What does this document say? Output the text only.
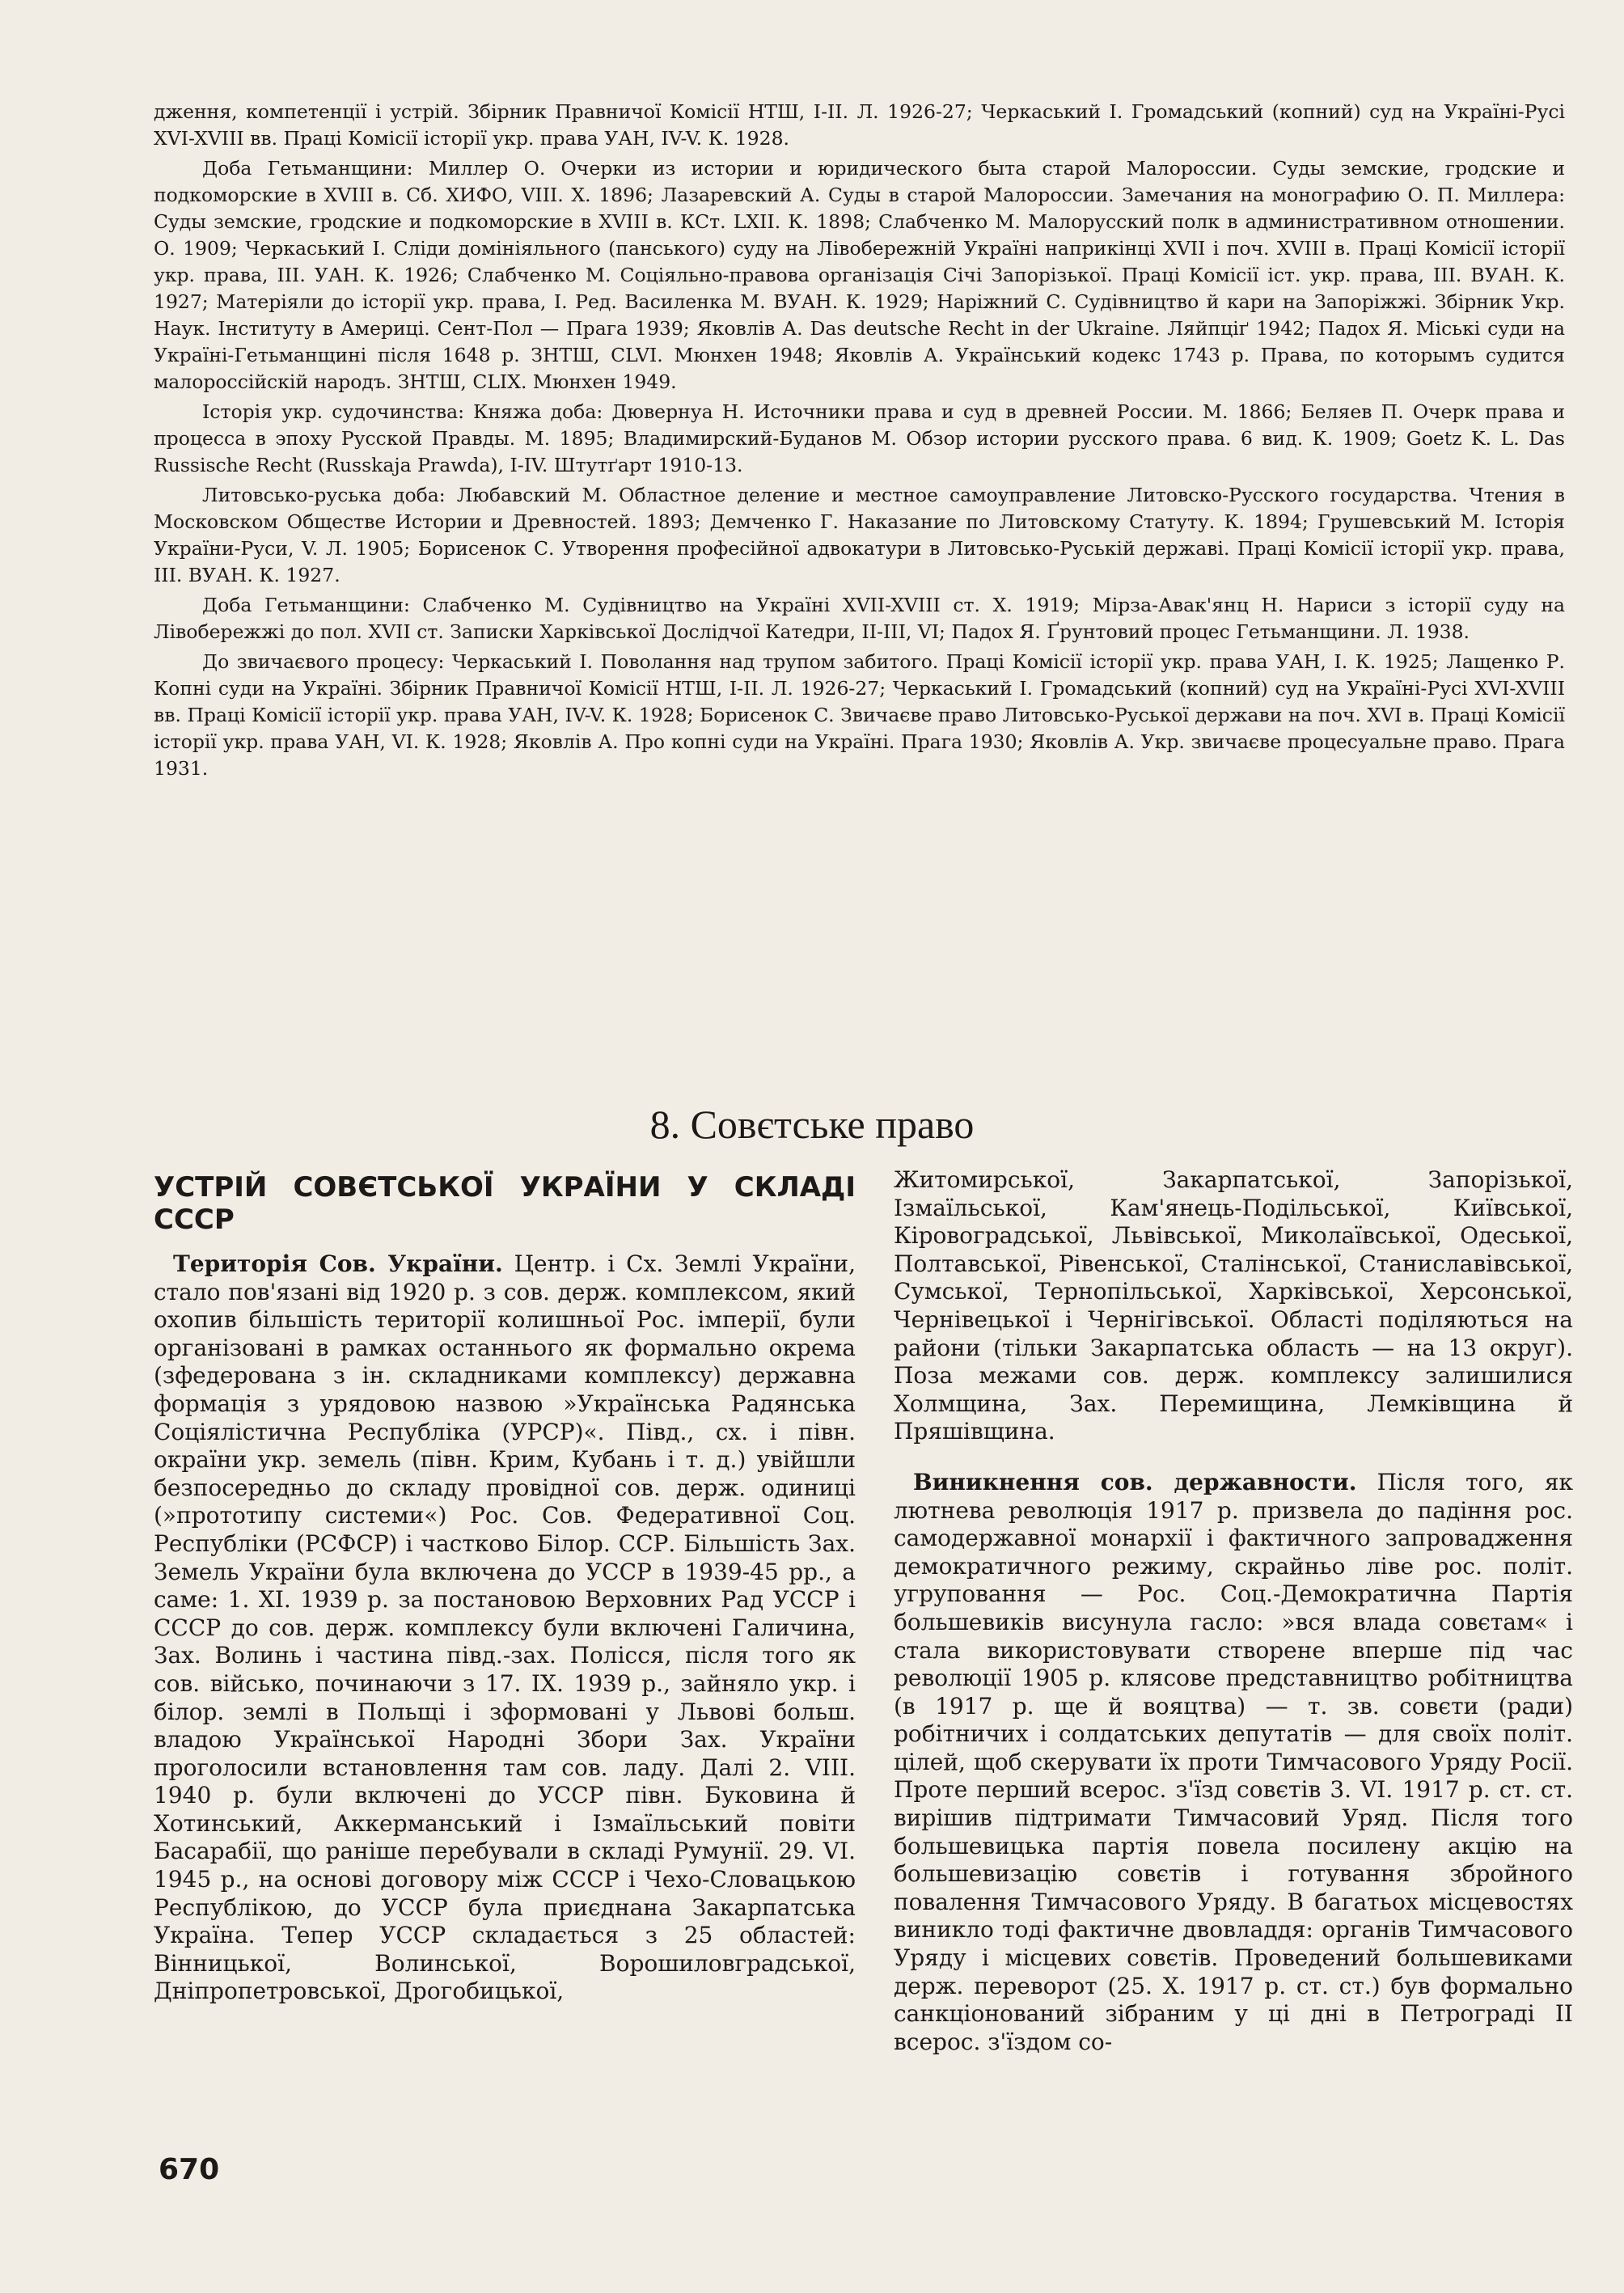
дження, компетенції і устрій. Збірник Правничої Комісії НТШ, I-II. Л. 1926-27; Черкаський І. Громадський (копний) суд на Україні-Русі XVI-XVIII вв. Праці Комісії історії укр. права УАН, IV-V. К. 1928.

Доба Гетьманщини: Миллер О. Очерки из истории и юридического быта старой Малороссии. Суды земские, гродские и подкоморские в XVIII в. Сб. ХИФО, VIII. Х. 1896; Лазаревский А. Суды в старой Малороссии. Замечания на монографию О. П. Миллера: Суды земские, гродские и подкоморские в XVIII в. КСт. LXII. К. 1898; Слабченко М. Малорусский полк в административном отношении. О. 1909; Черкаський І. Сліди домініяльного (панського) суду на Лівобережній Україні наприкінці XVII і поч. XVIII в. Праці Комісії історії укр. права, III. УАН. К. 1926; Слабченко М. Соціяльно-правова організація Січі Запорізької. Праці Комісії іст. укр. права, III. ВУАН. К. 1927; Матеріяли до історії укр. права, I. Ред. Василенка М. ВУАН. К. 1929; Наріжний С. Судівництво й кари на Запоріжжі. Збірник Укр. Наук. Інституту в Америці. Сент-Пол — Прага 1939; Яковлів А. Das deutsche Recht in der Ukraine. Ляйпціґ 1942; Падох Я. Міські суди на Україні-Гетьманщині після 1648 р. ЗНТШ, CLVI. Мюнхен 1948; Яковлів А. Український кодекс 1743 р. Права, по которымъ судится малороссійскій народъ. ЗНТШ, CLIX. Мюнхен 1949.

Історія укр. судочинства: Княжа доба: Дювернуа Н. Источники права и суд в древней России. М. 1866; Беляев П. Очерк права и процесса в эпоху Русской Правды. М. 1895; Владимирский-Буданов М. Обзор истории русского права. 6 вид. К. 1909; Goetz K. L. Das Russische Recht (Russkaja Prawda), I-IV. Штутґарт 1910-13.

Литовсько-руська доба: Любавский М. Областное деление и местное самоуправление Литовско-Русского государства. Чтения в Московском Обществе Истории и Древностей. 1893; Демченко Г. Наказание по Литовскому Статуту. К. 1894; Грушевський М. Історія України-Руси, V. Л. 1905; Борисенок С. Утворення професійної адвокатури в Литовсько-Руській державі. Праці Комісії історії укр. права, III. ВУАН. К. 1927.

Доба Гетьманщини: Слабченко М. Судівництво на Україні XVII-XVIII ст. Х. 1919; Мірза-Авак'янц Н. Нариси з історії суду на Лівобережжі до пол. XVII ст. Записки Харківської Дослідчої Катедри, II-III, VI; Падох Я. Ґрунтовий процес Гетьманщини. Л. 1938.

До звичаєвого процесу: Черкаський І. Поволання над трупом забитого. Праці Комісії історії укр. права УАН, I. К. 1925; Лащенко Р. Копні суди на Україні. Збірник Правничої Комісії НТШ, I-II. Л. 1926-27; Черкаський І. Громадський (копний) суд на Україні-Русі XVI-XVIII вв. Праці Комісії історії укр. права УАН, IV-V. К. 1928; Борисенок С. Звичаєве право Литовсько-Руської держави на поч. XVI в. Праці Комісії історії укр. права УАН, VI. К. 1928; Яковлів А. Про копні суди на Україні. Прага 1930; Яковлів А. Укр. звичаєве процесуальне право. Прага 1931.

8. Совєтське право
УСТРІЙ СОВЄТСЬКОЇ УКРАЇНИ У СКЛАДІ СССР

Територія Сов. України. Центр. і Сх. Землі України, стало пов'язані від 1920 р. з сов. держ. комплексом, який охопив більшість території колишньої Рос. імперії, були організовані в рамках останнього як формально окрема (зфедерована з ін. складниками комплексу) державна формація з урядовою назвою »Українська Радянська Соціялістична Республіка (УРСР)«. Півд., сх. і півн. окраїни укр. земель (півн. Крим, Кубань і т. д.) увійшли безпосередньо до складу провідної сов. держ. одиниці (»прототипу системи«) Рос. Сов. Федеративної Соц. Республіки (РСФСР) і частково Білор. ССР. Більшість Зах. Земель України була включена до УССР в 1939-45 рр., а саме: 1. XI. 1939 р. за постановою Верховних Рад УССР і СССР до сов. держ. комплексу були включені Галичина, Зах. Волинь і частина півд.-зах. Полісся, після того як сов. військо, починаючи з 17. IX. 1939 р., зайняло укр. і білор. землі в Польщі і зформовані у Львові больш. владою Української Народні Збори Зах. України проголосили встановлення там сов. ладу. Далі 2. VIII. 1940 р. були включені до УССР півн. Буковина й Хотинський, Аккерманський і Ізмаїльський повіти Басарабії, що раніше перебували в складі Румунії. 29. VI. 1945 р., на основі договору між СССР і Чехо-Словацькою Республікою, до УССР була приєднана Закарпатська Україна. Тепер УССР складається з 25 областей: Вінницької, Волинської, Ворошиловградської, Дніпропетровської, Дрогобицької,

Житомирської, Закарпатської, Запорізької, Ізмаїльської, Кам'янець-Подільської, Київської, Кіровоградської, Львівської, Миколаївської, Одеської, Полтавської, Рівенської, Сталінської, Станиславівської, Сумської, Тернопільської, Харківської, Херсонської, Чернівецької і Чернігівської. Області поділяються на райони (тільки Закарпатська область — на 13 округ). Поза межами сов. держ. комплексу залишилися Холмщина, Зах. Перемищина, Лемківщина й Пряшівщина.

Виникнення сов. державности. Після того, як лютнева революція 1917 р. призвела до падіння рос. самодержавної монархії і фактичного запровадження демократичного режиму, скрайньо ліве рос. політ. угруповання — Рос. Соц.-Демократична Партія большевиків висунула гасло: »вся влада совєтам« і стала використовувати створене вперше під час революції 1905 р. клясове представництво робітництва (в 1917 р. ще й вояцтва) — т. зв. совєти (ради) робітничих і солдатських депутатів — для своїх політ. цілей, щоб скерувати їх проти Тимчасового Уряду Росії. Проте перший всерос. з'їзд совєтів 3. VI. 1917 р. ст. ст. вирішив підтримати Тимчасовий Уряд. Після того большевицька партія повела посилену акцію на большевизацію совєтів і готування збройного повалення Тимчасового Уряду. В багатьох місцевостях виникло тоді фактичне двовладдя: органів Тимчасового Уряду і місцевих совєтів. Проведений большевиками держ. переворот (25. X. 1917 р. ст. ст.) був формально санкціонований зібраним у ці дні в Петрограді II всерос. з'їздом со-

670
